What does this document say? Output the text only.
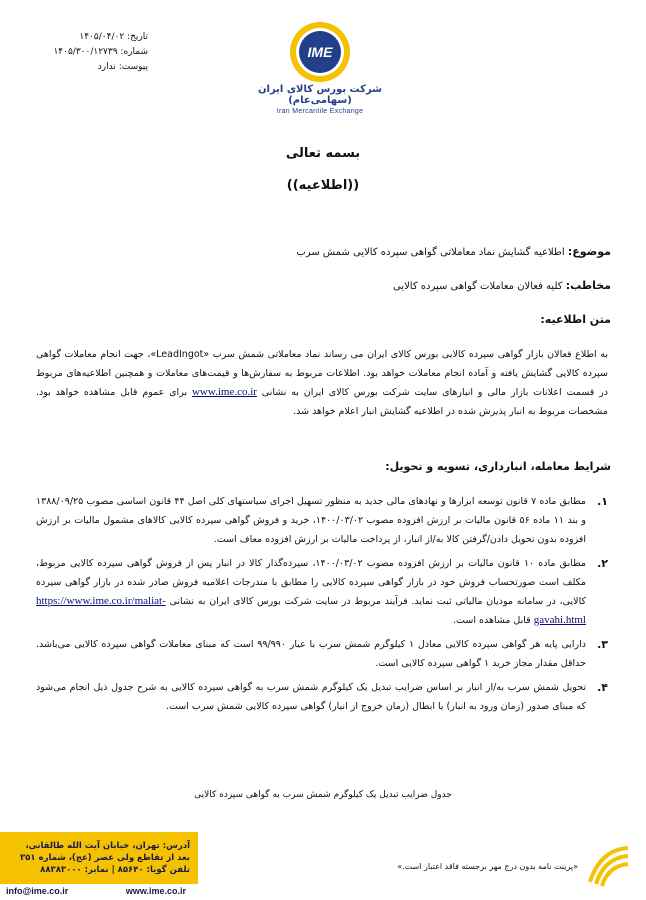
تاریخ: ۱۴۰۵/۰۴/۰۲
شماره: ۱۴۰۵/۳۰۰/۱۲۷۳۹
پیوست: ندارد
IME
شرکت بورس کالای ایران (سهامی‌عام)
Iran Mercantile Exchange
بسمه تعالی
((اطلاعیه))
موضوع: اطلاعیه گشایش نماد معاملاتی گواهی سپرده کالایی شمش سرب
مخاطب: کلیه فعالان معاملات گواهی سپرده کالایی
متن اطلاعیه:
به اطلاع فعالان بازار گواهی سپرده کالایی بورس کالای ایران می رساند نماد معاملاتی شمش سرب «LeadIngot»، جهت انجام معاملات گواهی سپرده کالایی گشایش یافته و آماده انجام معاملات خواهد بود. اطلاعات مربوط به سفارش‌ها و قیمت‌های معاملات و همچنین اطلاعیه‌های مربوط در قسمت اعلانات بازار مالی و انبارهای سایت شرکت بورس کالای ایران به نشانی www.ime.co.ir برای عموم قابل مشاهده خواهد بود. مشخصات مربوط به انبار پذیرش شده در اطلاعیه گشایش انبار اعلام خواهد شد.
شرایط معامله، انبارداری، تسویه و تحویل:
۱.
مطابق ماده ۷ قانون توسعه ابزارها و نهادهای مالی جدید به منظور تسهیل اجرای سیاستهای کلی اصل ۴۴ قانون اساسی مصوب ۱۳۸۸/۰۹/۲۵ و بند ۱۱ ماده ۵۶ قانون مالیات بر ارزش افزوده مصوب ۱۴۰۰/۰۳/۰۲، خرید و فروش گواهی سپرده کالایی کالاهای مشمول مالیات بر ارزش افزوده بدون تحویل دادن/گرفتن کالا به/از انبار، از پرداخت مالیات بر ارزش افزوده معاف است.
۲.
مطابق ماده ۱۰ قانون مالیات بر ارزش افزوده مصوب ۱۴۰۰/۰۳/۰۲، سپرده‌گذار کالا در انبار پس از فروش گواهی سپرده کالایی مربوط، مکلف است صورتحساب فروش خود در بازار گواهی سپرده کالایی را مطابق با مندرجات اعلامیه فروش صادر شده در بازار گواهی سپرده کالایی، در سامانه مودیان مالیاتی ثبت نماید. فرآیند مربوط در سایت شرکت بورس کالای ایران به نشانی https://www.ime.co.ir/maliat-gavahi.html قابل مشاهده است.
۳.
دارایی پایه هر گواهی سپرده کالایی معادل ۱ کیلوگرم شمش سرب با عیار ۹۹/۹۹۰ است که مبنای معاملات گواهی سپرده کالایی می‌باشد. حداقل مقدار مجاز خرید ۱ گواهی سپرده کالایی است.
۴.
تحویل شمش سرب به/از انبار بر اساس ضرایب تبدیل یک کیلوگرم شمش سرب به گواهی سپرده کالایی به شرح جدول ذیل انجام می‌شود که مبنای صدور (زمان ورود به انبار) یا ابطال (زمان خروج از انبار) گواهی سپرده کالایی شمش سرب است.
جدول ضرایب تبدیل یک کیلوگرم شمش سرب به گواهی سپرده کالایی
آدرس: تهران، خیابان آیت الله طالقانی،
بعد از تقاطع ولی عصر (عج)، شماره ۳۵۱
تلفن گویا: ۸۵۶۴۰ | نمابر: ۸۸۳۸۳۰۰۰
www.ime.co.ir
info@ime.co.ir
«پرینت نامه بدون درج مهر برجسته فاقد اعتبار است.»
